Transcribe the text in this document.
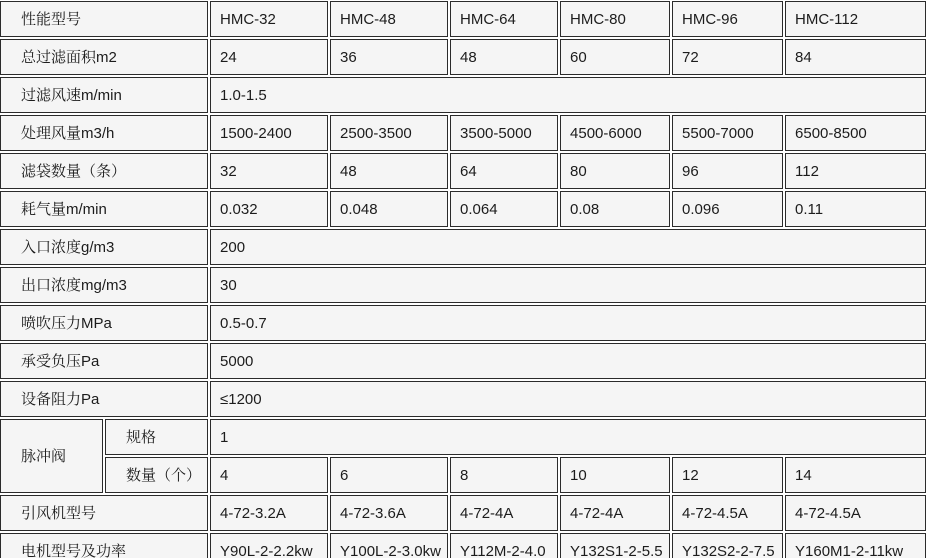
性能型号		HMC-32	HMC-48	HMC-64	HMC-80	HMC-96	HMC-112
总过滤面积m2		24	36	48	60	72	84
过滤风速m/min		1.0-1.5					
处理风量m3/h		1500-2400	2500-3500	3500-5000	4500-6000	5500-7000	6500-8500
滤袋数量（条）		32	48	64	80	96	112
耗气量m/min		0.032	0.048	0.064	0.08	0.096	0.11
入口浓度g/m3		200					
出口浓度mg/m3		30					
喷吹压力MPa		0.5-0.7					
承受负压Pa		5000					
设备阻力Pa		≤1200					
脉冲阀	规格	1					
	数量（个）	4	6	8	10	12	14
引风机型号		4-72-3.2A	4-72-3.6A	4-72-4A	4-72-4A	4-72-4.5A	4-72-4.5A
电机型号及功率		Y90L-2-2.2kw	Y100L-2-3.0kw	Y112M-2-4.0	Y132S1-2-5.5	Y132S2-2-7.5	Y160M1-2-11kw
